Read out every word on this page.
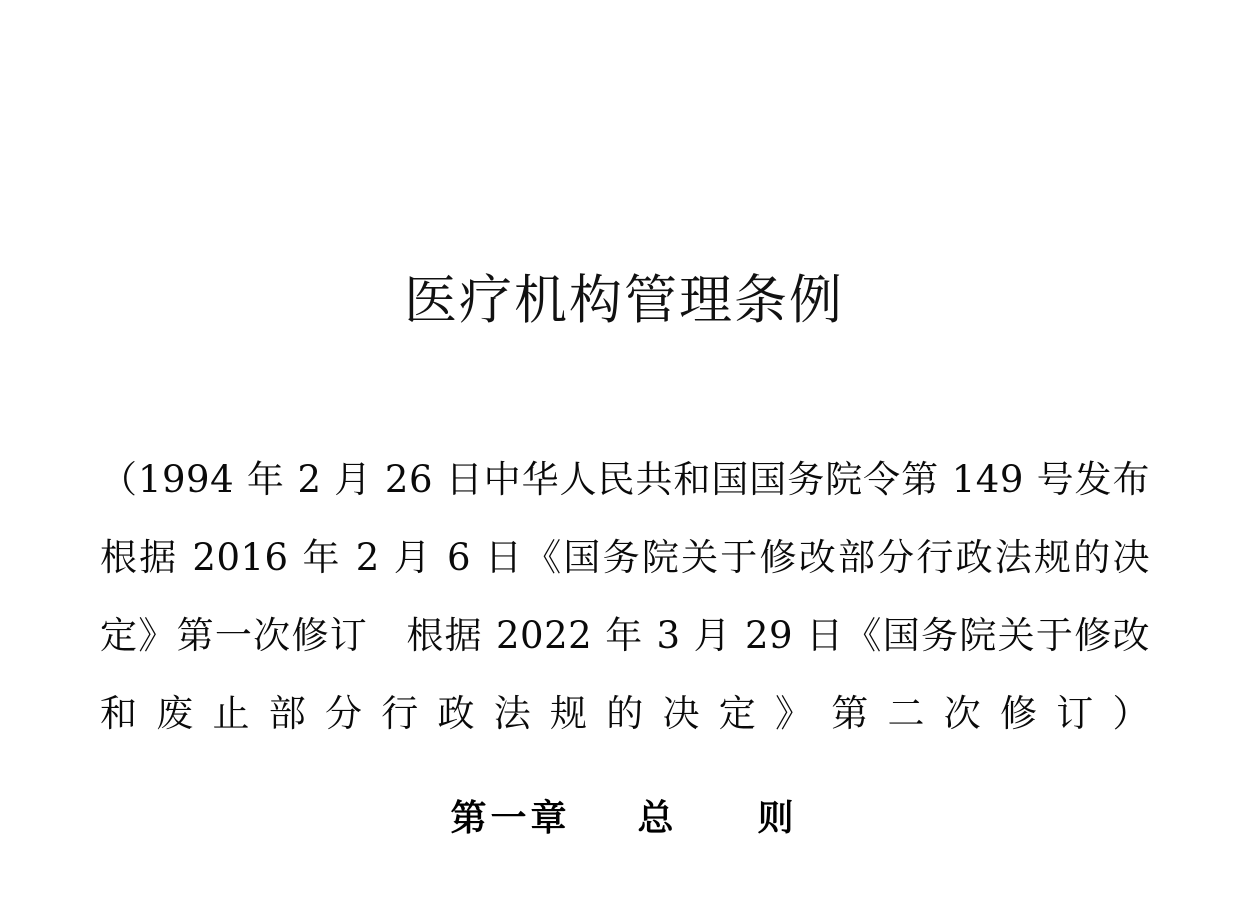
医疗机构管理条例

（1994 年 2 月 26 日中华人民共和国国务院令第 149 号发布　根据 2016 年 2 月 6 日《国务院关于修改部分行政法规的决定》第一次修订　根据 2022 年 3 月 29 日《国务院关于修改和废止部分行政法规的决定》第二次修订）

第一章 总　　则
